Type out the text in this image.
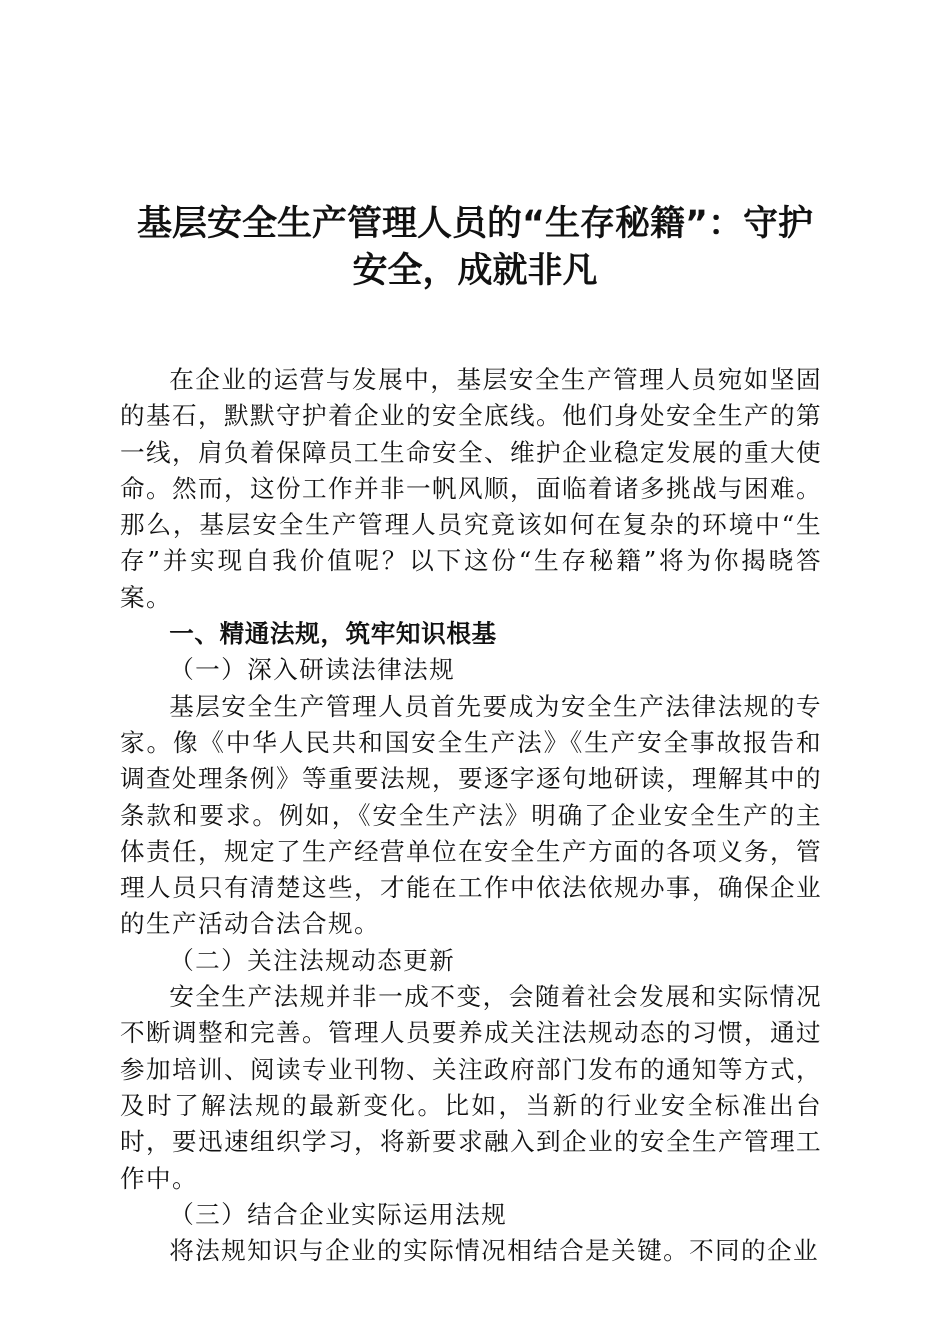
基层安全生产管理人员的“生存秘籍”：守护
安全，成就非凡

在企业的运营与发展中，基层安全生产管理人员宛如坚固的基石，默默守护着企业的安全底线。他们身处安全生产的第一线，肩负着保障员工生命安全、维护企业稳定发展的重大使命。然而，这份工作并非一帆风顺，面临着诸多挑战与困难。那么，基层安全生产管理人员究竟该如何在复杂的环境中“生存”并实现自我价值呢？以下这份“生存秘籍”将为你揭晓答案。

一、精通法规，筑牢知识根基

（一）深入研读法律法规

基层安全生产管理人员首先要成为安全生产法律法规的专家。像《中华人民共和国安全生产法》《生产安全事故报告和调查处理条例》等重要法规，要逐字逐句地研读，理解其中的条款和要求。例如，《安全生产法》明确了企业安全生产的主体责任，规定了生产经营单位在安全生产方面的各项义务，管理人员只有清楚这些，才能在工作中依法依规办事，确保企业的生产活动合法合规。

（二）关注法规动态更新

安全生产法规并非一成不变，会随着社会发展和实际情况不断调整和完善。管理人员要养成关注法规动态的习惯，通过参加培训、阅读专业刊物、关注政府部门发布的通知等方式，及时了解法规的最新变化。比如，当新的行业安全标准出台时，要迅速组织学习，将新要求融入到企业的安全生产管理工作中。

（三）结合企业实际运用法规

将法规知识与企业的实际情况相结合是关键。不同的企业
